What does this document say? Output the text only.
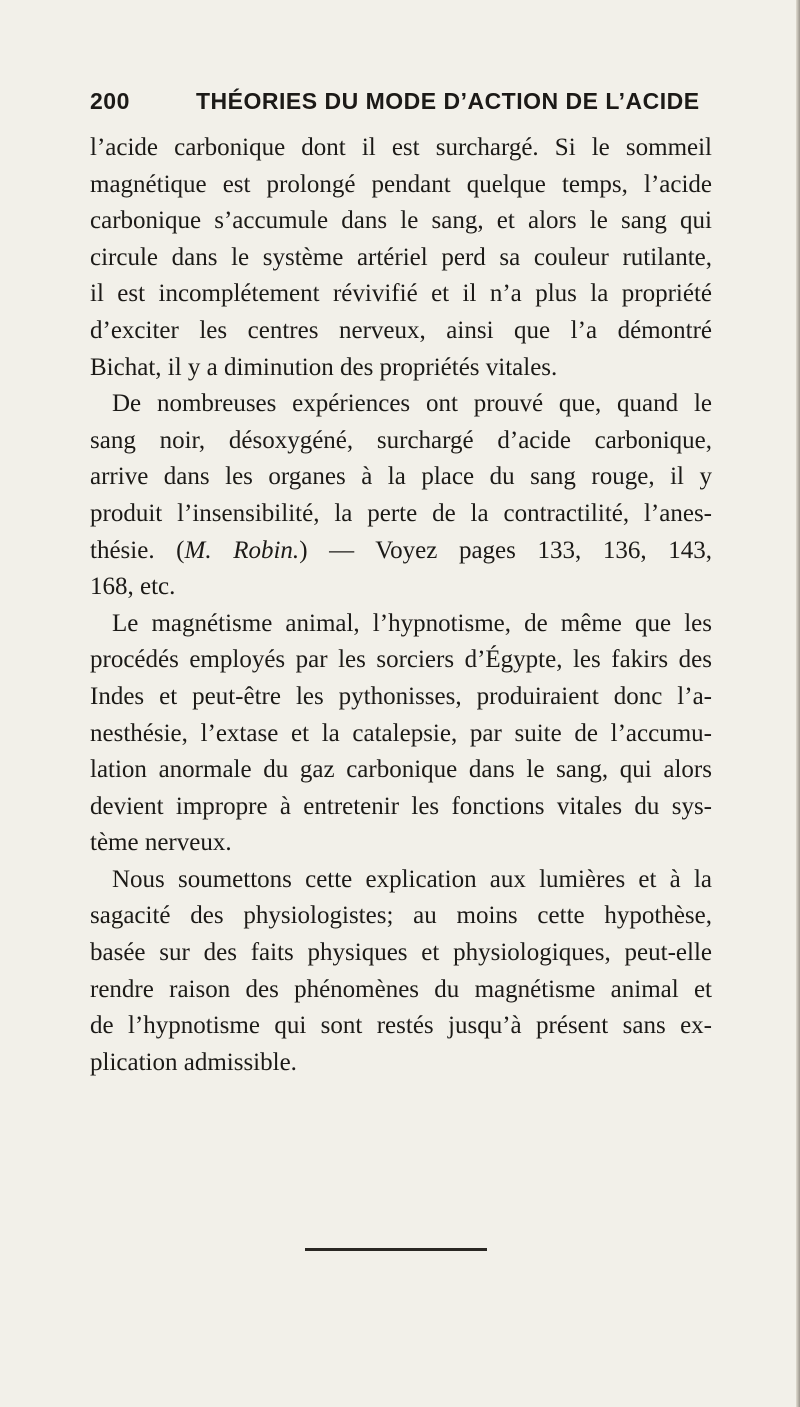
200	THÉORIES DU MODE D’ACTION DE L’ACIDE
l’acide carbonique dont il est surchargé. Si le sommeil
magnétique est prolongé pendant quelque temps, l’acide
carbonique s’accumule dans le sang, et alors le sang qui
circule dans le système artériel perd sa couleur rutilante,
il est incomplétement révivifié et il n’a plus la propriété
d’exciter les centres nerveux, ainsi que l’a démontré
Bichat, il y a diminution des propriétés vitales.
De nombreuses expériences ont prouvé que, quand le
sang noir, désoxygéné, surchargé d’acide carbonique,
arrive dans les organes à la place du sang rouge, il y
produit l’insensibilité, la perte de la contractilité, l’anes-
thésie. (M. Robin.) — Voyez pages 133, 136, 143,
168, etc.
Le magnétisme animal, l’hypnotisme, de même que les
procédés employés par les sorciers d’Égypte, les fakirs des
Indes et peut-être les pythonisses, produiraient donc l’a-
nesthésie, l’extase et la catalepsie, par suite de l’accumu-
lation anormale du gaz carbonique dans le sang, qui alors
devient impropre à entretenir les fonctions vitales du sys-
tème nerveux.
Nous soumettons cette explication aux lumières et à la
sagacité des physiologistes; au moins cette hypothèse,
basée sur des faits physiques et physiologiques, peut-elle
rendre raison des phénomènes du magnétisme animal et
de l’hypnotisme qui sont restés jusqu’à présent sans ex-
plication admissible.
